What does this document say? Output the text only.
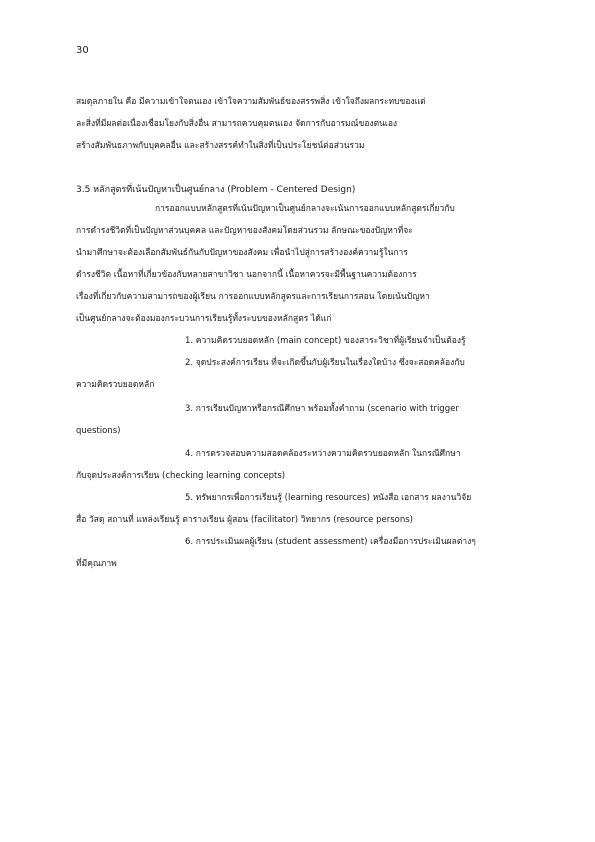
30
สมดุลภายใน คือ มีความเข้าใจตนเอง เข้าใจความสัมพันธ์ของสรรพสิ่ง เข้าใจถึงผลกระทบของแต่
ละสิ่งที่มีผลต่อเนื่องเชื่อมโยงกับสิ่งอื่น สามารถควบคุมตนเอง จัดการกับอารมณ์ของตนเอง
สร้างสัมพันธภาพกับบุคคลอื่น และสร้างสรรค์ทำในสิ่งที่เป็นประโยชน์ต่อส่วนรวม
3.5 หลักสูตรที่เน้นปัญหาเป็นศูนย์กลาง (Problem - Centered Design)
การออกแบบหลักสูตรที่เน้นปัญหาเป็นศูนย์กลางจะเน้นการออกแบบหลักสูตรเกี่ยวกับ
การดำรงชีวิตที่เป็นปัญหาส่วนบุคคล และปัญหาของสังคมโดยส่วนรวม ลักษณะของปัญหาที่จะ
นำมาศึกษาจะต้องเลือกสัมพันธ์กันกับปัญหาของสังคม เพื่อนำไปสู่การสร้างองค์ความรู้ในการ
ดำรงชีวิต เนื้อหาที่เกี่ยวข้องกับหลายสาขาวิชา นอกจากนี้ เนื้อหาควรจะมีพื้นฐานความต้องการ
เรื่องที่เกี่ยวกับความสามารถของผู้เรียน การออกแบบหลักสูตรและการเรียนการสอน โดยเน้นปัญหา
เป็นศูนย์กลางจะต้องมองกระบวนการเรียนรู้ทั้งระบบของหลักสูตร ได้แก่
1. ความคิดรวบยอดหลัก (main concept) ของสาระวิชาที่ผู้เรียนจำเป็นต้องรู้
2. จุดประสงค์การเรียน ที่จะเกิดขึ้นกับผู้เรียนในเรื่องใดบ้าง ซึ่งจะสอดคล้องกับ
ความคิดรวบยอดหลัก
3. การเรียนปัญหาหรือกรณีศึกษา พร้อมทั้งคำถาม (scenario with trigger
questions)
4. การตรวจสอบความสอดคล้องระหว่างความคิดรวบยอดหลัก ในกรณีศึกษา
กับจุดประสงค์การเรียน (checking learning concepts)
5. ทรัพยากรเพื่อการเรียนรู้ (learning resources) หนังสือ เอกสาร ผลงานวิจัย
สื่อ วัสดุ สถานที่ แหล่งเรียนรู้ ตารางเรียน ผู้สอน (facilitator) วิทยากร (resource persons)
6. การประเมินผลผู้เรียน (student assessment) เครื่องมือการประเมินผลต่างๆ
ที่มีคุณภาพ
